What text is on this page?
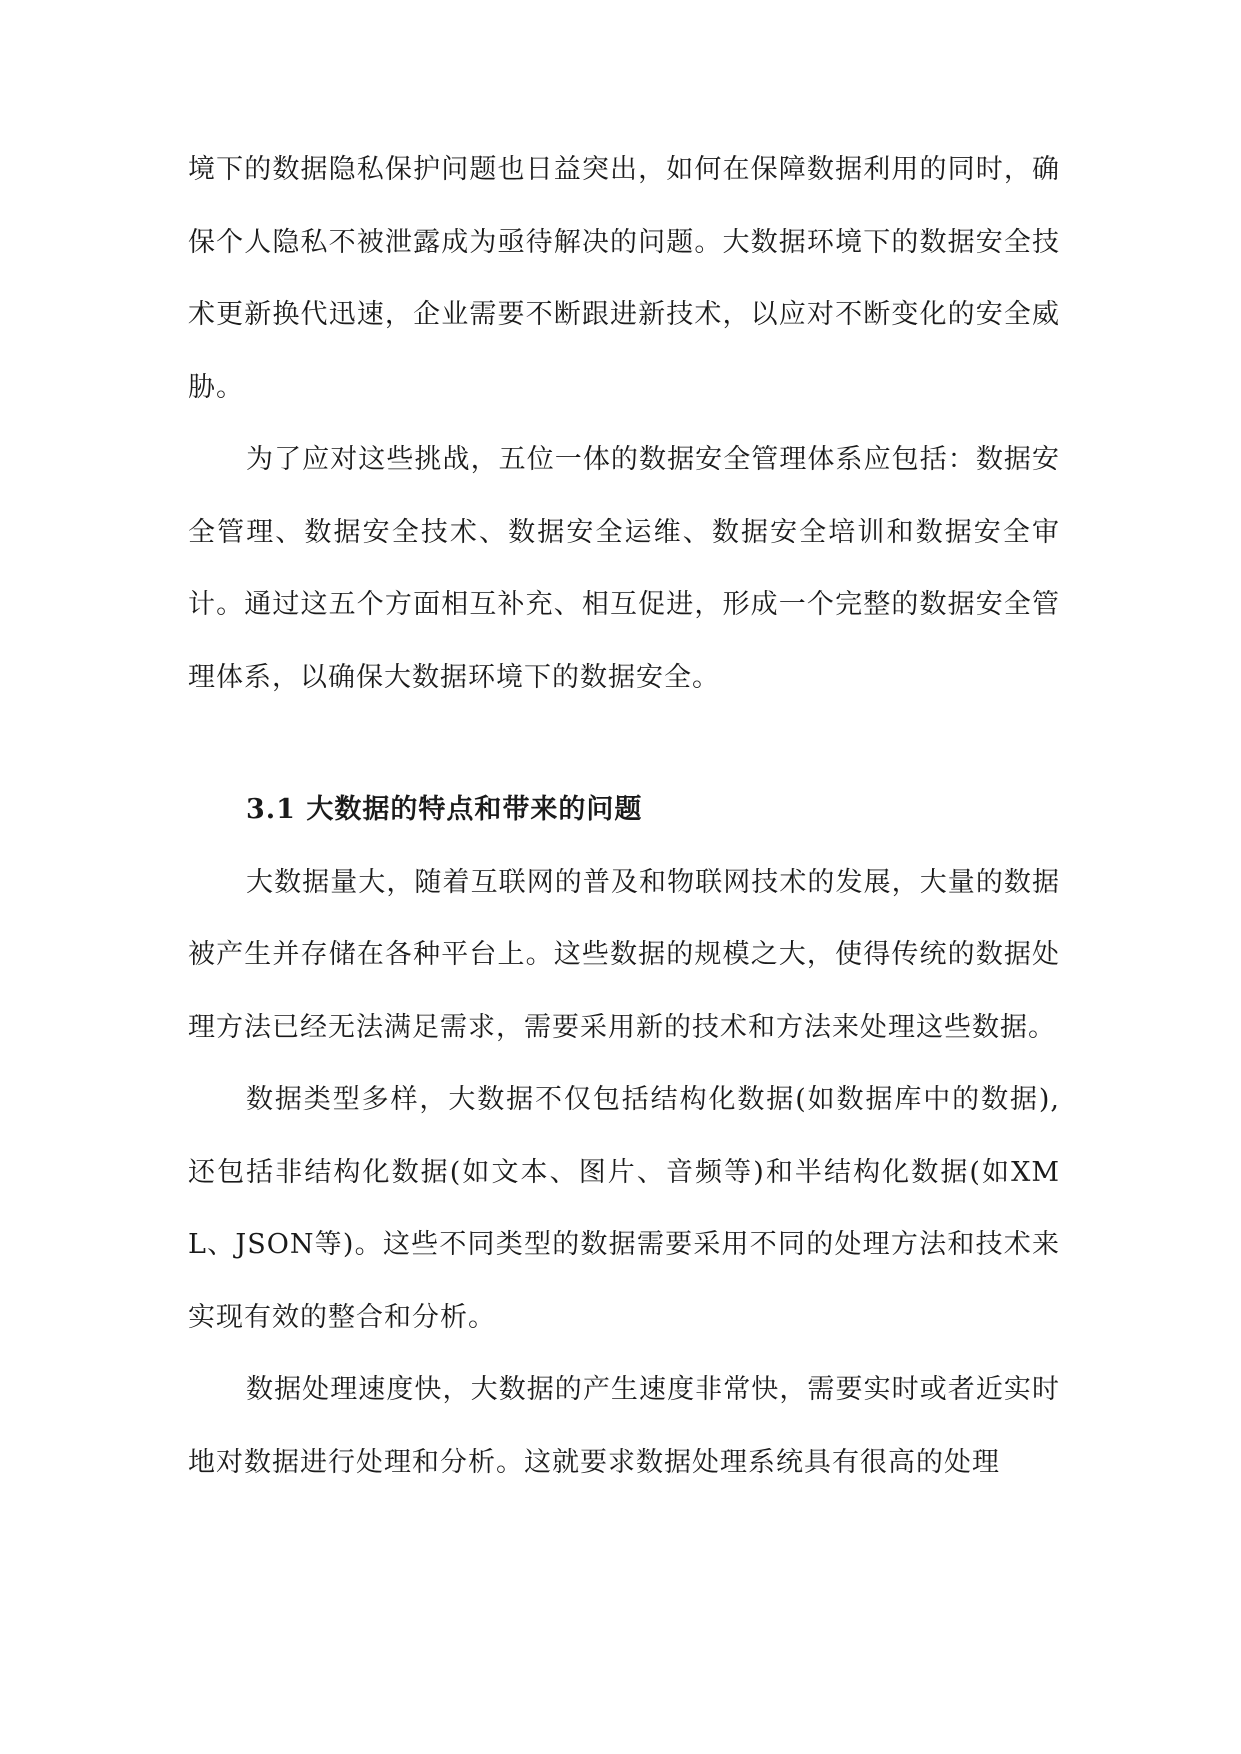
境下的数据隐私保护问题也日益突出，如何在保障数据利用的同时，确保个人隐私不被泄露成为亟待解决的问题。大数据环境下的数据安全技术更新换代迅速，企业需要不断跟进新技术，以应对不断变化的安全威胁。

为了应对这些挑战，五位一体的数据安全管理体系应包括：数据安全管理、数据安全技术、数据安全运维、数据安全培训和数据安全审计。通过这五个方面相互补充、相互促进，形成一个完整的数据安全管理体系，以确保大数据环境下的数据安全。

3.1 大数据的特点和带来的问题

大数据量大，随着互联网的普及和物联网技术的发展，大量的数据被产生并存储在各种平台上。这些数据的规模之大，使得传统的数据处理方法已经无法满足需求，需要采用新的技术和方法来处理这些数据。

数据类型多样，大数据不仅包括结构化数据(如数据库中的数据),还包括非结构化数据(如文本、图片、音频等)和半结构化数据(如XML、JSON等)。这些不同类型的数据需要采用不同的处理方法和技术来实现有效的整合和分析。

数据处理速度快，大数据的产生速度非常快，需要实时或者近实时地对数据进行处理和分析。这就要求数据处理系统具有很高的处理
